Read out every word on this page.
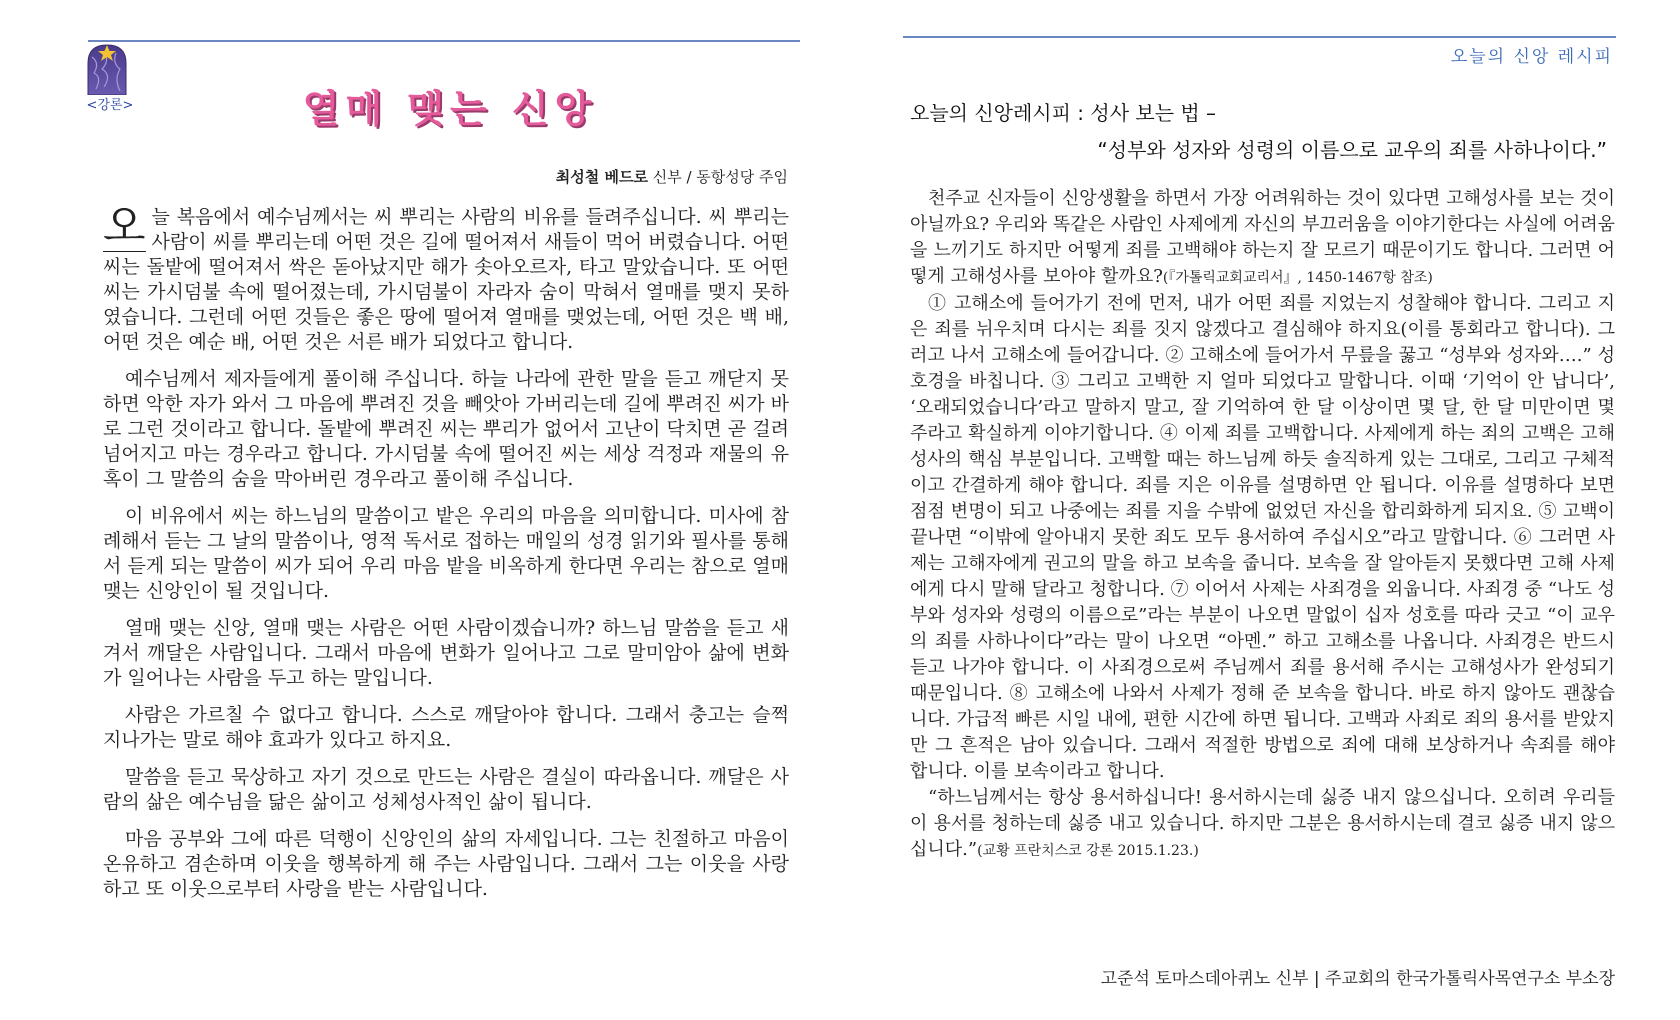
<강론>	열매 맺는 신앙
최성철 베드로 신부 / 동항성당 주임

오 늘 복음에서 예수님께서는 씨 뿌리는 사람의 비유를 들려주십니다. 씨 뿌리는 사람이 씨를 뿌리는데 어떤 것은 길에 떨어져서 새들이 먹어 버렸습니다. 어떤 씨는 돌밭에 떨어져서 싹은 돋아났지만 해가 솟아오르자, 타고 말았습니다. 또 어떤 씨는 가시덤불 속에 떨어졌는데, 가시덤불이 자라자 숨이 막혀서 열매를 맺지 못하였습니다. 그런데 어떤 것들은 좋은 땅에 떨어져 열매를 맺었는데, 어떤 것은 백 배, 어떤 것은 예순 배, 어떤 것은 서른 배가 되었다고 합니다.

예수님께서 제자들에게 풀이해 주십니다. 하늘 나라에 관한 말을 듣고 깨닫지 못하면 악한 자가 와서 그 마음에 뿌려진 것을 빼앗아 가버리는데 길에 뿌려진 씨가 바로 그런 것이라고 합니다. 돌밭에 뿌려진 씨는 뿌리가 없어서 고난이 닥치면 곧 걸려 넘어지고 마는 경우라고 합니다. 가시덤불 속에 떨어진 씨는 세상 걱정과 재물의 유혹이 그 말씀의 숨을 막아버린 경우라고 풀이해 주십니다.

이 비유에서 씨는 하느님의 말씀이고 밭은 우리의 마음을 의미합니다. 미사에 참례해서 듣는 그 날의 말씀이나, 영적 독서로 접하는 매일의 성경 읽기와 필사를 통해서 듣게 되는 말씀이 씨가 되어 우리 마음 밭을 비옥하게 한다면 우리는 참으로 열매 맺는 신앙인이 될 것입니다.

열매 맺는 신앙, 열매 맺는 사람은 어떤 사람이겠습니까? 하느님 말씀을 듣고 새겨서 깨달은 사람입니다. 그래서 마음에 변화가 일어나고 그로 말미암아 삶에 변화가 일어나는 사람을 두고 하는 말입니다.

사람은 가르칠 수 없다고 합니다. 스스로 깨달아야 합니다. 그래서 충고는 슬쩍 지나가는 말로 해야 효과가 있다고 하지요.

말씀을 듣고 묵상하고 자기 것으로 만드는 사람은 결실이 따라옵니다. 깨달은 사람의 삶은 예수님을 닮은 삶이고 성체성사적인 삶이 됩니다.

마음 공부와 그에 따른 덕행이 신앙인의 삶의 자세입니다. 그는 친절하고 마음이 온유하고 겸손하며 이웃을 행복하게 해 주는 사람입니다. 그래서 그는 이웃을 사랑하고 또 이웃으로부터 사랑을 받는 사람입니다.

오늘의 신앙 레시피
오늘의 신앙레시피 : 성사 보는 법 –
“성부와 성자와 성령의 이름으로 교우의 죄를 사하나이다.”

천주교 신자들이 신앙생활을 하면서 가장 어려워하는 것이 있다면 고해성사를 보는 것이 아닐까요? 우리와 똑같은 사람인 사제에게 자신의 부끄러움을 이야기한다는 사실에 어려움을 느끼기도 하지만 어떻게 죄를 고백해야 하는지 잘 모르기 때문이기도 합니다. 그러면 어떻게 고해성사를 보아야 할까요?(『가톨릭교회교리서』, 1450-1467항 참조)

① 고해소에 들어가기 전에 먼저, 내가 어떤 죄를 지었는지 성찰해야 합니다. 그리고 지은 죄를 뉘우치며 다시는 죄를 짓지 않겠다고 결심해야 하지요(이를 통회라고 합니다). 그러고 나서 고해소에 들어갑니다. ② 고해소에 들어가서 무릎을 꿇고 “성부와 성자와….” 성호경을 바칩니다. ③ 그리고 고백한 지 얼마 되었다고 말합니다. 이때 ‘기억이 안 납니다’, ‘오래되었습니다’라고 말하지 말고, 잘 기억하여 한 달 이상이면 몇 달, 한 달 미만이면 몇 주라고 확실하게 이야기합니다. ④ 이제 죄를 고백합니다. 사제에게 하는 죄의 고백은 고해성사의 핵심 부분입니다. 고백할 때는 하느님께 하듯 솔직하게 있는 그대로, 그리고 구체적이고 간결하게 해야 합니다. 죄를 지은 이유를 설명하면 안 됩니다. 이유를 설명하다 보면 점점 변명이 되고 나중에는 죄를 지을 수밖에 없었던 자신을 합리화하게 되지요. ⑤ 고백이 끝나면 “이밖에 알아내지 못한 죄도 모두 용서하여 주십시오”라고 말합니다. ⑥ 그러면 사제는 고해자에게 권고의 말을 하고 보속을 줍니다. 보속을 잘 알아듣지 못했다면 고해 사제에게 다시 말해 달라고 청합니다. ⑦ 이어서 사제는 사죄경을 외웁니다. 사죄경 중 “나도 성부와 성자와 성령의 이름으로”라는 부분이 나오면 말없이 십자 성호를 따라 긋고 “이 교우의 죄를 사하나이다”라는 말이 나오면 “아멘.” 하고 고해소를 나옵니다. 사죄경은 반드시 듣고 나가야 합니다. 이 사죄경으로써 주님께서 죄를 용서해 주시는 고해성사가 완성되기 때문입니다. ⑧ 고해소에 나와서 사제가 정해 준 보속을 합니다. 바로 하지 않아도 괜찮습니다. 가급적 빠른 시일 내에, 편한 시간에 하면 됩니다. 고백과 사죄로 죄의 용서를 받았지만 그 흔적은 남아 있습니다. 그래서 적절한 방법으로 죄에 대해 보상하거나 속죄를 해야 합니다. 이를 보속이라고 합니다.

“하느님께서는 항상 용서하십니다! 용서하시는데 싫증 내지 않으십니다. 오히려 우리들이 용서를 청하는데 싫증 내고 있습니다. 하지만 그분은 용서하시는데 결코 싫증 내지 않으십니다.”(교황 프란치스코 강론 2015.1.23.)

고준석 토마스데아퀴노 신부 | 주교회의 한국가톨릭사목연구소 부소장
